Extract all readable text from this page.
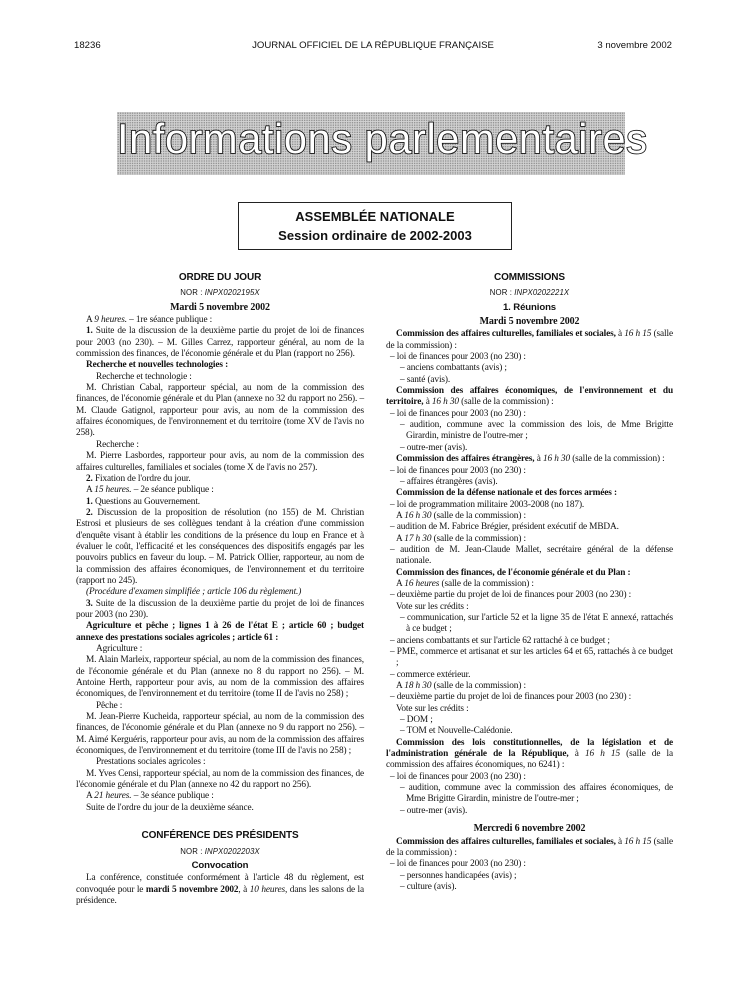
18236	JOURNAL OFFICIEL DE LA RÉPUBLIQUE FRANÇAISE	3 novembre 2002
Informations parlementaires
ASSEMBLÉE NATIONALE
Session ordinaire de 2002-2003
ORDRE DU JOUR
NOR : INPX0202195X
Mardi 5 novembre 2002

A 9 heures. – 1re séance publique :

1. Suite de la discussion de la deuxième partie du projet de loi de finances pour 2003 (no 230). – M. Gilles Carrez, rapporteur général, au nom de la commission des finances, de l'économie générale et du Plan (rapport no 256).

Recherche et nouvelles technologies :

Recherche et technologie :

M. Christian Cabal, rapporteur spécial, au nom de la commission des finances, de l'économie générale et du Plan (annexe no 32 du rapport no 256). – M. Claude Gatignol, rapporteur pour avis, au nom de la commission des affaires économiques, de l'environnement et du territoire (tome XV de l'avis no 258).

Recherche :

M. Pierre Lasbordes, rapporteur pour avis, au nom de la commission des affaires culturelles, familiales et sociales (tome X de l'avis no 257).

2. Fixation de l'ordre du jour.

A 15 heures. – 2e séance publique :

1. Questions au Gouvernement.

2. Discussion de la proposition de résolution (no 155) de M. Christian Estrosi et plusieurs de ses collègues tendant à la création d'une commission d'enquête visant à établir les conditions de la présence du loup en France et à évaluer le coût, l'efficacité et les conséquences des dispositifs engagés par les pouvoirs publics en faveur du loup. – M. Patrick Ollier, rapporteur, au nom de la commission des affaires économiques, de l'environnement et du territoire (rapport no 245).

(Procédure d'examen simplifiée ; article 106 du règlement.)

3. Suite de la discussion de la deuxième partie du projet de loi de finances pour 2003 (no 230).

Agriculture et pêche ; lignes 1 à 26 de l'état E ; article 60 ; budget annexe des prestations sociales agricoles ; article 61 :

Agriculture :

M. Alain Marleix, rapporteur spécial, au nom de la commission des finances, de l'économie générale et du Plan (annexe no 8 du rapport no 256). – M. Antoine Herth, rapporteur pour avis, au nom de la commission des affaires économiques, de l'environnement et du territoire (tome II de l'avis no 258) ;

Pêche :

M. Jean-Pierre Kucheida, rapporteur spécial, au nom de la commission des finances, de l'économie générale et du Plan (annexe no 9 du rapport no 256). – M. Aimé Kerguéris, rapporteur pour avis, au nom de la commission des affaires économiques, de l'environnement et du territoire (tome III de l'avis no 258) ;

Prestations sociales agricoles :

M. Yves Censi, rapporteur spécial, au nom de la commission des finances, de l'économie générale et du Plan (annexe no 42 du rapport no 256).

A 21 heures. – 3e séance publique :

Suite de l'ordre du jour de la deuxième séance.

CONFÉRENCE DES PRÉSIDENTS
NOR : INPX0202203X
Convocation

La conférence, constituée conformément à l'article 48 du règlement, est convoquée pour le mardi 5 novembre 2002, à 10 heures, dans les salons de la présidence.

COMMISSIONS
NOR : INPX0202221X
1. Réunions
Mardi 5 novembre 2002

Commission des affaires culturelles, familiales et sociales, à 16 h 15 (salle de la commission) :

– loi de finances pour 2003 (no 230) :

– anciens combattants (avis) ;

– santé (avis).

Commission des affaires économiques, de l'environnement et du territoire, à 16 h 30 (salle de la commission) :

– loi de finances pour 2003 (no 230) :

– audition, commune avec la commission des lois, de Mme Brigitte Girardin, ministre de l'outre-mer ;

– outre-mer (avis).

Commission des affaires étrangères, à 16 h 30 (salle de la commission) :

– loi de finances pour 2003 (no 230) :

– affaires étrangères (avis).

Commission de la défense nationale et des forces armées :

– loi de programmation militaire 2003-2008 (no 187).

A 16 h 30 (salle de la commission) :

– audition de M. Fabrice Brégier, président exécutif de MBDA.

A 17 h 30 (salle de la commission) :

– audition de M. Jean-Claude Mallet, secrétaire général de la défense nationale.

Commission des finances, de l'économie générale et du Plan :

A 16 heures (salle de la commission) :

– deuxième partie du projet de loi de finances pour 2003 (no 230) :

Vote sur les crédits :

– communication, sur l'article 52 et la ligne 35 de l'état E annexé, rattachés à ce budget ;

– anciens combattants et sur l'article 62 rattaché à ce budget ;

– PME, commerce et artisanat et sur les articles 64 et 65, rattachés à ce budget ;

– commerce extérieur.

A 18 h 30 (salle de la commission) :

– deuxième partie du projet de loi de finances pour 2003 (no 230) :

Vote sur les crédits :

– DOM ;

– TOM et Nouvelle-Calédonie.

Commission des lois constitutionnelles, de la législation et de l'administration générale de la République, à 16 h 15 (salle de la commission des affaires économiques, no 6241) :

– loi de finances pour 2003 (no 230) :

– audition, commune avec la commission des affaires économiques, de Mme Brigitte Girardin, ministre de l'outre-mer ;

– outre-mer (avis).

Mercredi 6 novembre 2002

Commission des affaires culturelles, familiales et sociales, à 16 h 15 (salle de la commission) :

– loi de finances pour 2003 (no 230) :

– personnes handicapées (avis) ;

– culture (avis).
